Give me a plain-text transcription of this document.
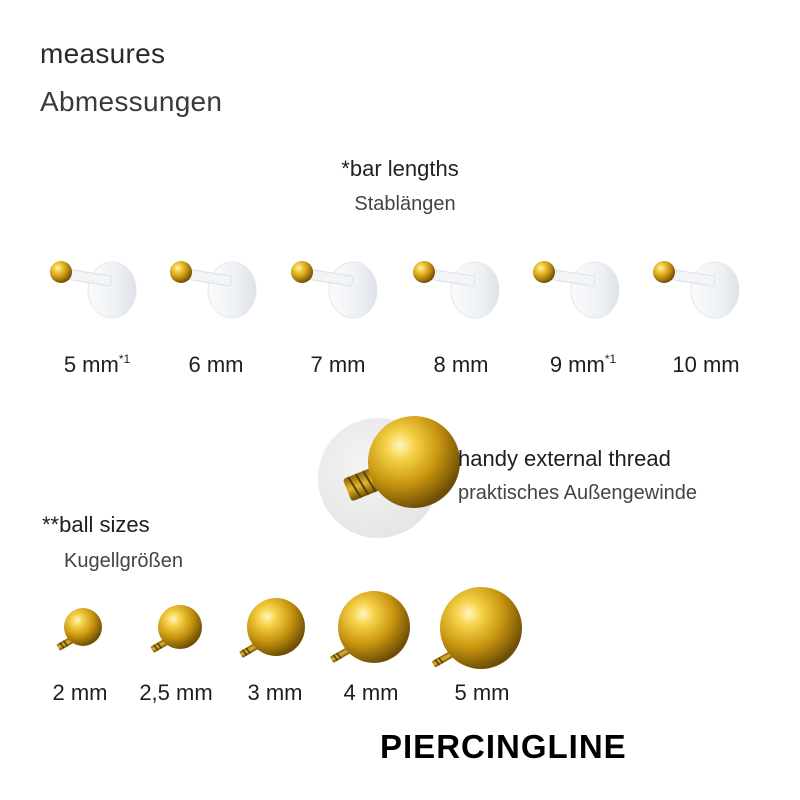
measures
Abmessungen
*bar lengths
Stablängen
5 $mm^{*1}$	6 mm	7 mm	8 mm	9 $mm^{*1}$	10 mm
handy external thread
praktisches Außengewinde
**ball sizes
Kugellgrößen
2 mm	2,5 mm	3 mm	4 mm	5 mm
PIERCINGLINE
